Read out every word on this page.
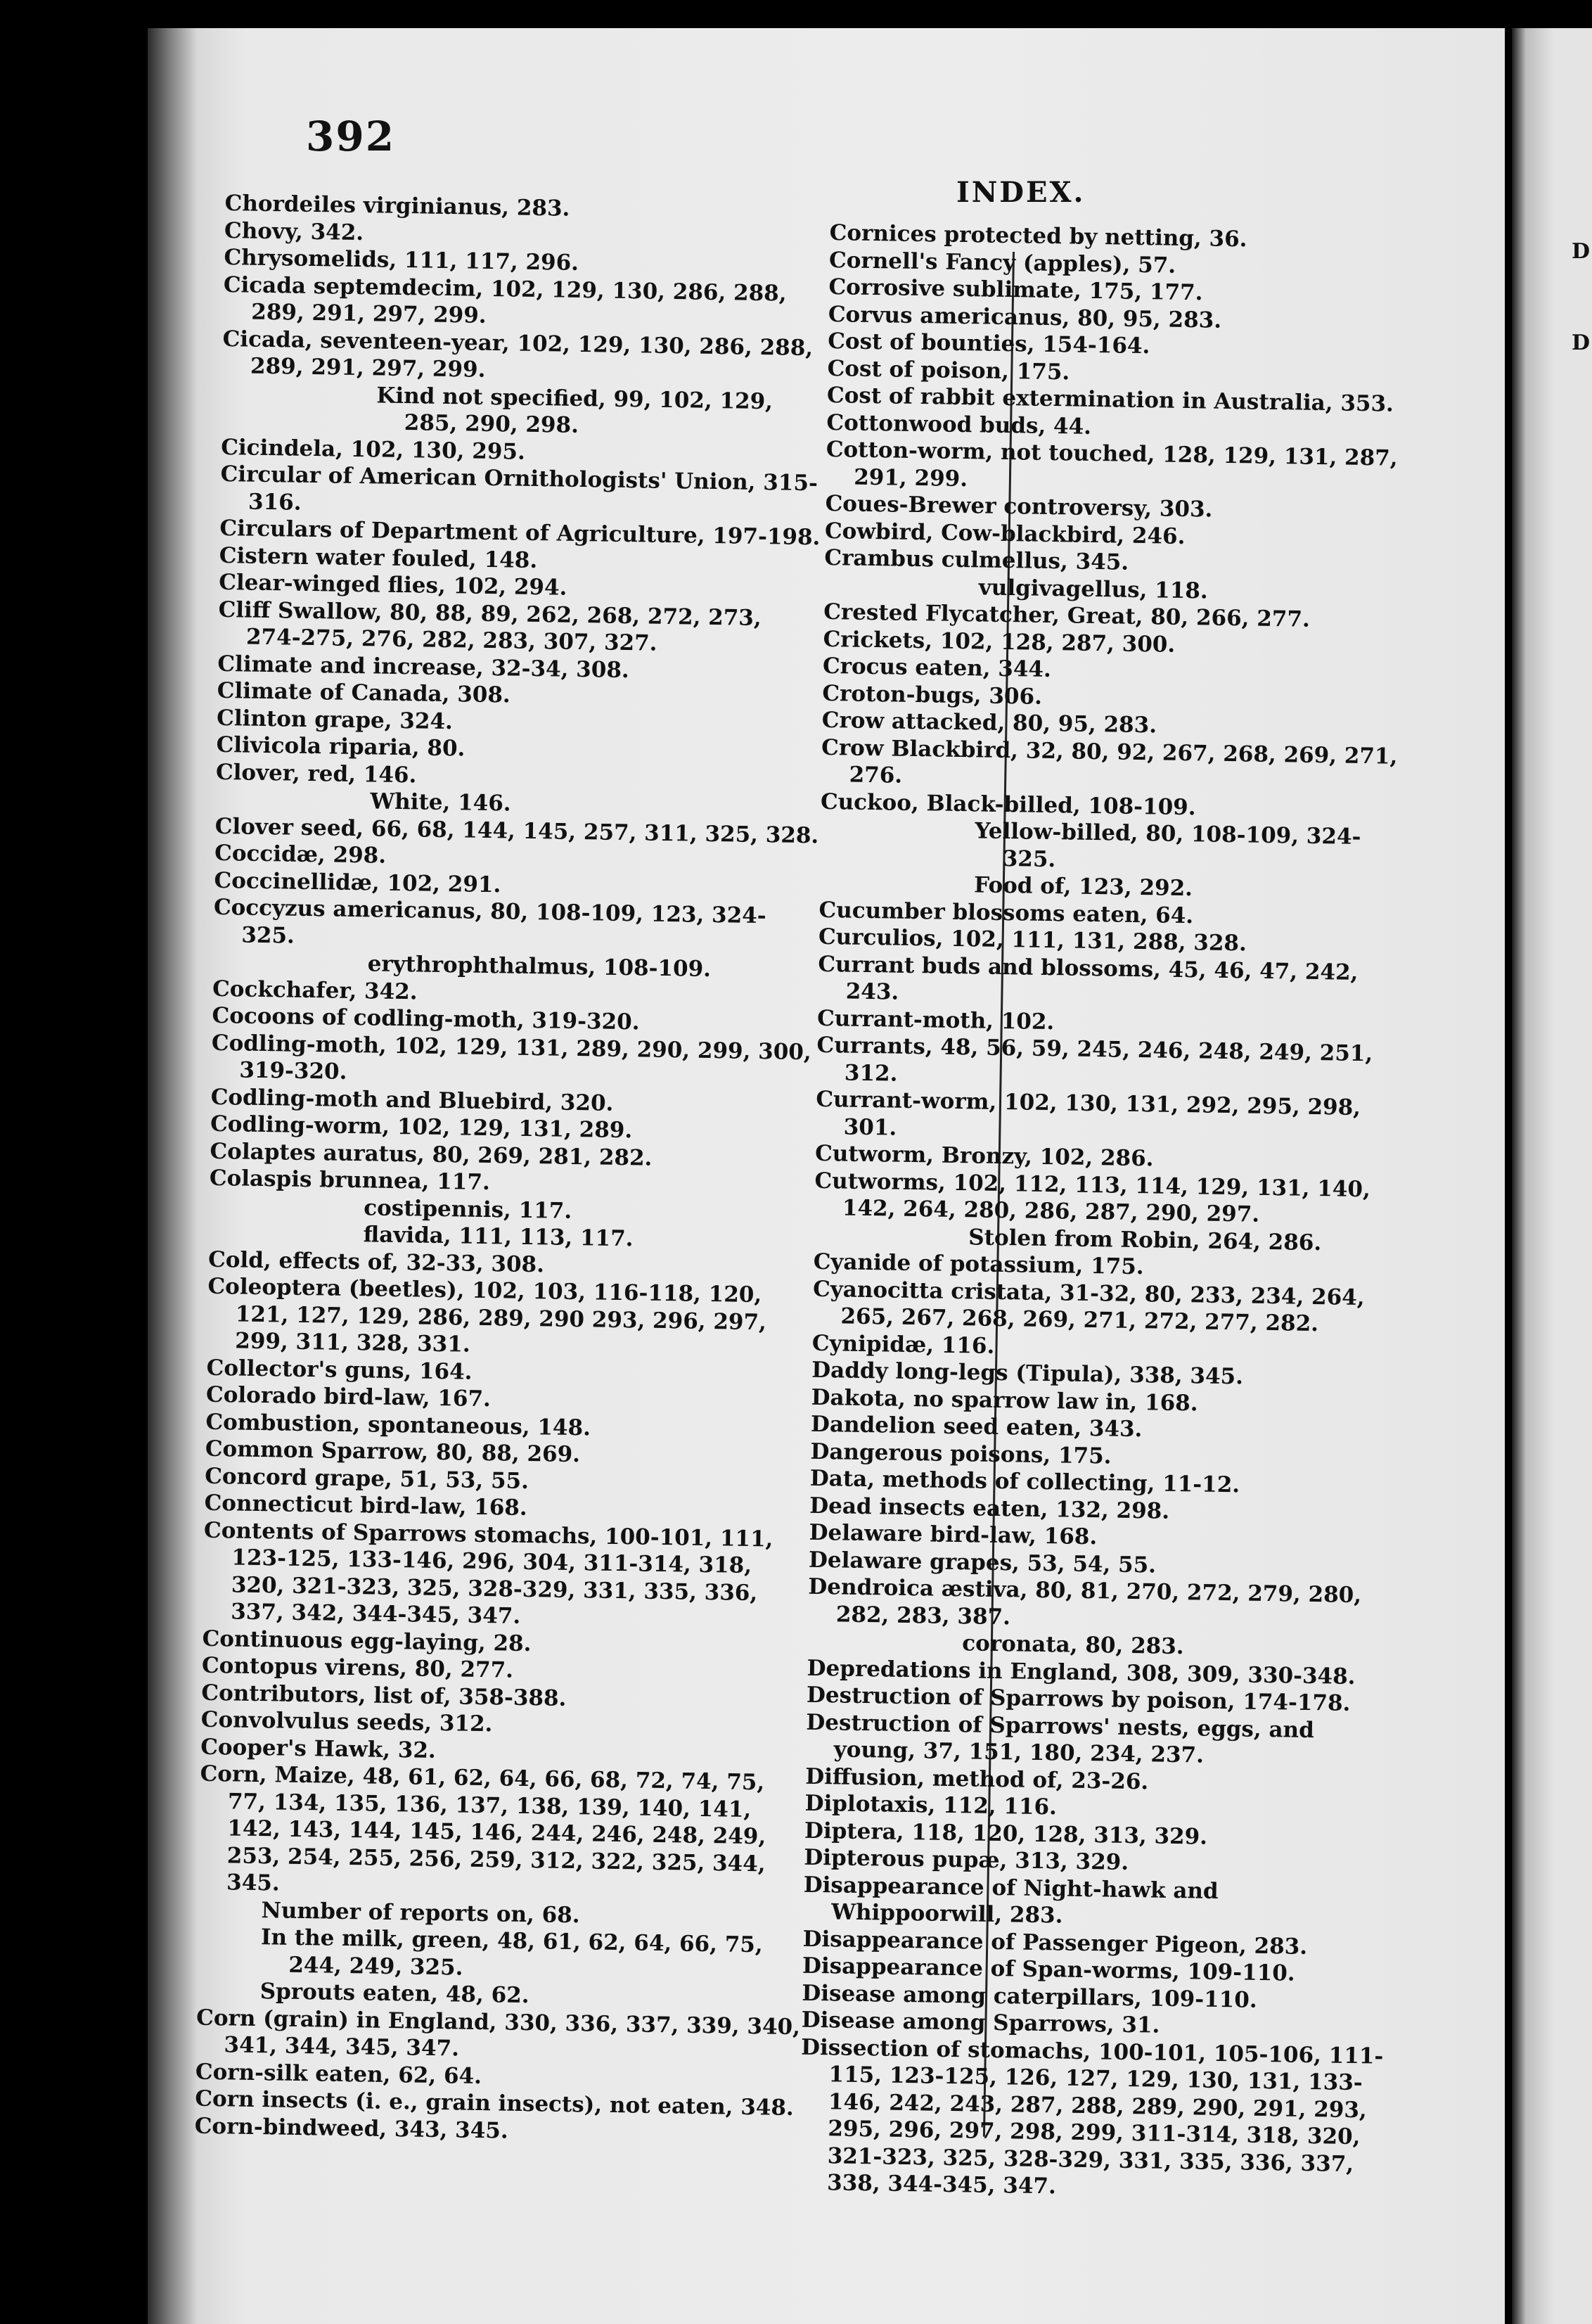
392
INDEX.

Chordeiles virginianus, 283.

Chovy, 342.

Chrysomelids, 111, 117, 296.

Cicada septemdecim, 102, 129, 130, 286, 288, 289, 291, 297, 299.

Cicada, seventeen-year, 102, 129, 130, 286, 288, 289, 291, 297, 299.

Kind not specified, 99, 102, 129, 285, 290, 298.

Cicindela, 102, 130, 295.

Circular of American Ornithologists' Union, 315-316.

Circulars of Department of Agriculture, 197-198.

Cistern water fouled, 148.

Clear-winged flies, 102, 294.

Cliff Swallow, 80, 88, 89, 262, 268, 272, 273, 274-275, 276, 282, 283, 307, 327.

Climate and increase, 32-34, 308.

Climate of Canada, 308.

Clinton grape, 324.

Clivicola riparia, 80.

Clover, red, 146.

White, 146.

Clover seed, 66, 68, 144, 145, 257, 311, 325, 328.

Coccidæ, 298.

Coccinellidæ, 102, 291.

Coccyzus americanus, 80, 108-109, 123, 324-325.

erythrophthalmus, 108-109.

Cockchafer, 342.

Cocoons of codling-moth, 319-320.

Codling-moth, 102, 129, 131, 289, 290, 299, 300, 319-320.

Codling-moth and Bluebird, 320.

Codling-worm, 102, 129, 131, 289.

Colaptes auratus, 80, 269, 281, 282.

Colaspis brunnea, 117.

costipennis, 117.

flavida, 111, 113, 117.

Cold, effects of, 32-33, 308.

Coleoptera (beetles), 102, 103, 116-118, 120, 121, 127, 129, 286, 289, 290 293, 296, 297, 299, 311, 328, 331.

Collector's guns, 164.

Colorado bird-law, 167.

Combustion, spontaneous, 148.

Common Sparrow, 80, 88, 269.

Concord grape, 51, 53, 55.

Connecticut bird-law, 168.

Contents of Sparrows stomachs, 100-101, 111, 123-125, 133-146, 296, 304, 311-314, 318, 320, 321-323, 325, 328-329, 331, 335, 336, 337, 342, 344-345, 347.

Continuous egg-laying, 28.

Contopus virens, 80, 277.

Contributors, list of, 358-388.

Convolvulus seeds, 312.

Cooper's Hawk, 32.

Corn, Maize, 48, 61, 62, 64, 66, 68, 72, 74, 75, 77, 134, 135, 136, 137, 138, 139, 140, 141, 142, 143, 144, 145, 146, 244, 246, 248, 249, 253, 254, 255, 256, 259, 312, 322, 325, 344, 345.

Number of reports on, 68.

In the milk, green, 48, 61, 62, 64, 66, 75, 244, 249, 325.

Sprouts eaten, 48, 62.

Corn (grain) in England, 330, 336, 337, 339, 340, 341, 344, 345, 347.

Corn-silk eaten, 62, 64.

Corn insects (i. e., grain insects), not eaten, 348.

Corn-bindweed, 343, 345.

Cornices protected by netting, 36.

Cornell's Fancy (apples), 57.

Corrosive sublimate, 175, 177.

Corvus americanus, 80, 95, 283.

Cost of bounties, 154-164.

Cost of poison, 175.

Cost of rabbit extermination in Australia, 353.

Cottonwood buds, 44.

Cotton-worm, not touched, 128, 129, 131, 287, 291, 299.

Coues-Brewer controversy, 303.

Cowbird, Cow-blackbird, 246.

Crambus culmellus, 345.

vulgivagellus, 118.

Crested Flycatcher, Great, 80, 266, 277.

Crickets, 102, 128, 287, 300.

Crocus eaten, 344.

Croton-bugs, 306.

Crow attacked, 80, 95, 283.

Crow Blackbird, 32, 80, 92, 267, 268, 269, 271, 276.

Cuckoo, Black-billed, 108-109.

Yellow-billed, 80, 108-109, 324-325.

Food of, 123, 292.

Cucumber blossoms eaten, 64.

Curculios, 102, 111, 131, 288, 328.

Currant buds and blossoms, 45, 46, 47, 242, 243.

Currant-moth, 102.

Currants, 48, 56, 59, 245, 246, 248, 249, 251, 312.

Currant-worm, 102, 130, 131, 292, 295, 298, 301.

Cutworm, Bronzy, 102, 286.

Cutworms, 102, 112, 113, 114, 129, 131, 140, 142, 264, 280, 286, 287, 290, 297.

Stolen from Robin, 264, 286.

Cyanide of potassium, 175.

Cyanocitta cristata, 31-32, 80, 233, 234, 264, 265, 267, 268, 269, 271, 272, 277, 282.

Cynipidæ, 116.

Daddy long-legs (Tipula), 338, 345.

Dakota, no sparrow law in, 168.

Dandelion seed eaten, 343.

Dangerous poisons, 175.

Data, methods of collecting, 11-12.

Dead insects eaten, 132, 298.

Delaware bird-law, 168.

Delaware grapes, 53, 54, 55.

Dendroica æstiva, 80, 81, 270, 272, 279, 280, 282, 283, 387.

coronata, 80, 283.

Depredations in England, 308, 309, 330-348.

Destruction of Sparrows by poison, 174-178.

Destruction of Sparrows' nests, eggs, and young, 37, 151, 180, 234, 237.

Diffusion, method of, 23-26.

Diplotaxis, 112, 116.

Diptera, 118, 120, 128, 313, 329.

Dipterous pupæ, 313, 329.

Disappearance of Night-hawk and Whippoorwill, 283.

Disappearance of Passenger Pigeon, 283.

Disappearance of Span-worms, 109-110.

Disease among caterpillars, 109-110.

Disease among Sparrows, 31.

Dissection of stomachs, 100-101, 105-106, 111-115, 123-125, 126, 127, 129, 130, 131, 133-146, 242, 243, 287, 288, 289, 290, 291, 293, 295, 296, 297, 298, 299, 311-314, 318, 320, 321-323, 325, 328-329, 331, 335, 336, 337, 338, 344-345, 347.

D
D
